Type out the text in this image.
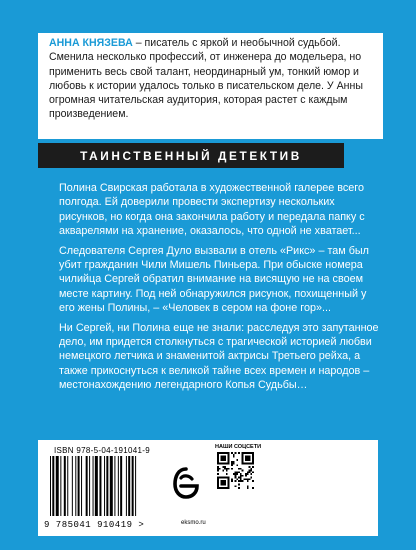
АННА КНЯЗЕВА – писатель с яркой и необычной судьбой. Сменила несколько профессий, от инженера до модельера, но применить весь свой талант, неординарный ум, тонкий юмор и любовь к истории удалось только в писательском деле. У Анны огромная читательская аудитория, которая растет с каждым произведением.
ТАИНСТВЕННЫЙ ДЕТЕКТИВ

Полина Свирская работала в художественной галерее всего полгода. Ей доверили провести экспертизу нескольких рисунков, но когда она закончила работу и передала папку с акварелями на хранение, оказалось, что одной не хватает...

Следователя Сергея Дуло вызвали в отель «Рикс» – там был убит гражданин Чили Мишель Пиньера. При обыске номера чилийца Сергей обратил внимание на висящую не на своем месте картину. Под ней обнаружился рисунок, похищенный у его жены Полины, – «Человек в сером на фоне гор»...

Ни Сергей, ни Полина еще не знали: расследуя это запутанное дело, им придется столкнуться с трагической историей любви немецкого летчика и знаменитой актрисы Третьего рейха, а также прикоснуться к великой тайне всех времен и народов – местонахождению легендарного Копья Судьбы…

ISBN 978-5-04-191041-9
9 785041 910419 >	eksmo.ru
НАШИ СОЦСЕТИ
